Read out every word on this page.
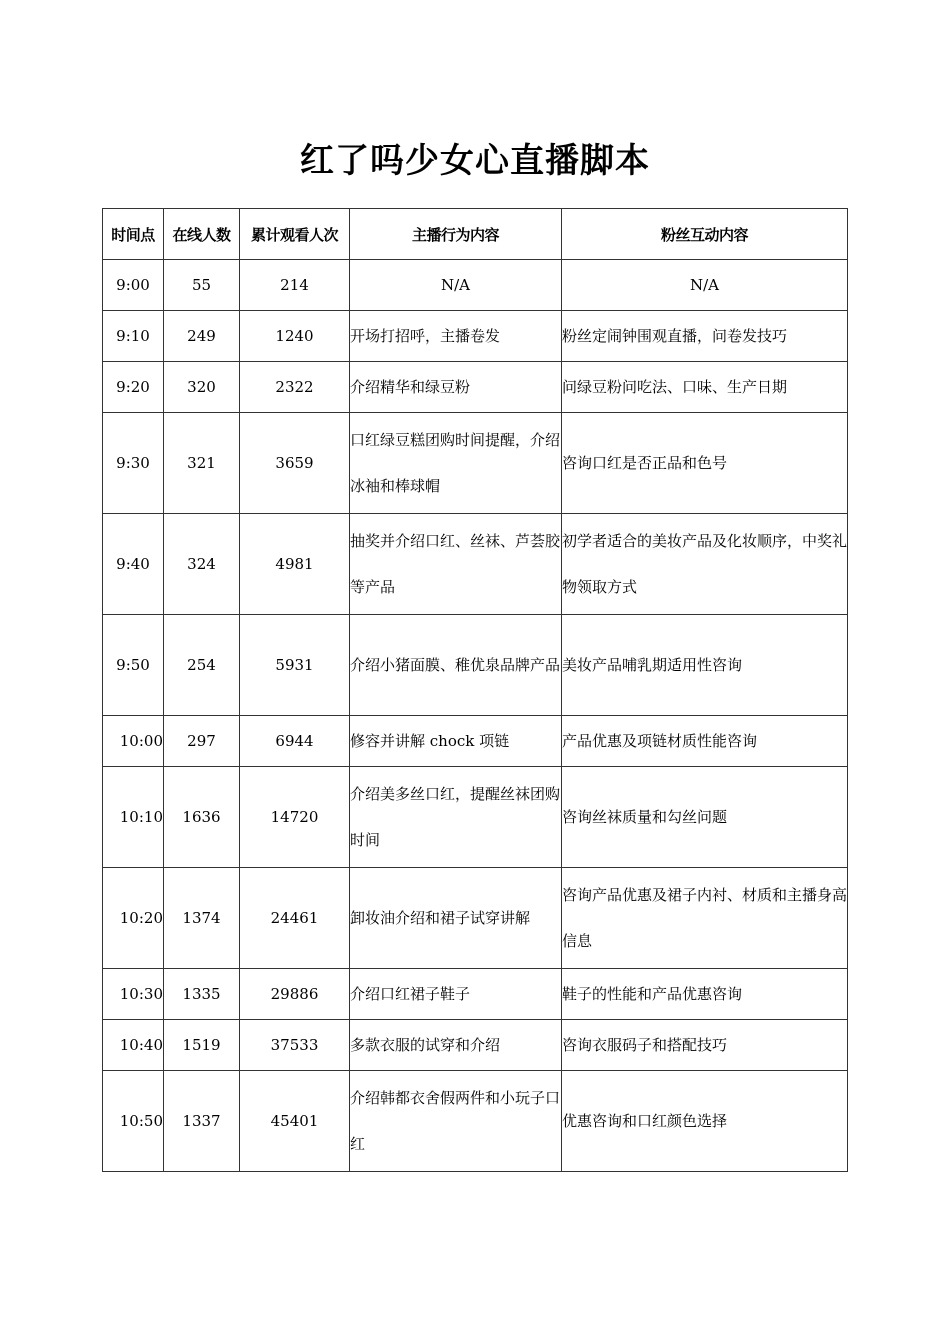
红了吗少女心直播脚本
时间点	在线人数	累计观看人次	主播行为内容	粉丝互动内容
9:00	55	214	N/A	N/A
9:10	249	1240	开场打招呼，主播卷发	粉丝定闹钟围观直播，问卷发技巧
9:20	320	2322	介绍精华和绿豆粉	问绿豆粉问吃法、口味、生产日期
9:30	321	3659	口红绿豆糕团购时间提醒，介绍冰袖和棒球帽	咨询口红是否正品和色号
9:40	324	4981	抽奖并介绍口红、丝袜、芦荟胶等产品	初学者适合的美妆产品及化妆顺序，中奖礼物领取方式
9:50	254	5931	介绍小猪面膜、稚优泉品牌产品	美妆产品哺乳期适用性咨询
10:00	297	6944	修容并讲解 chock 项链	产品优惠及项链材质性能咨询
10:10	1636	14720	介绍美多丝口红，提醒丝袜团购时间	咨询丝袜质量和勾丝问题
10:20	1374	24461	卸妆油介绍和裙子试穿讲解	咨询产品优惠及裙子内衬、材质和主播身高信息
10:30	1335	29886	介绍口红裙子鞋子	鞋子的性能和产品优惠咨询
10:40	1519	37533	多款衣服的试穿和介绍	咨询衣服码子和搭配技巧
10:50	1337	45401	介绍韩都衣舍假两件和小玩子口红	优惠咨询和口红颜色选择
